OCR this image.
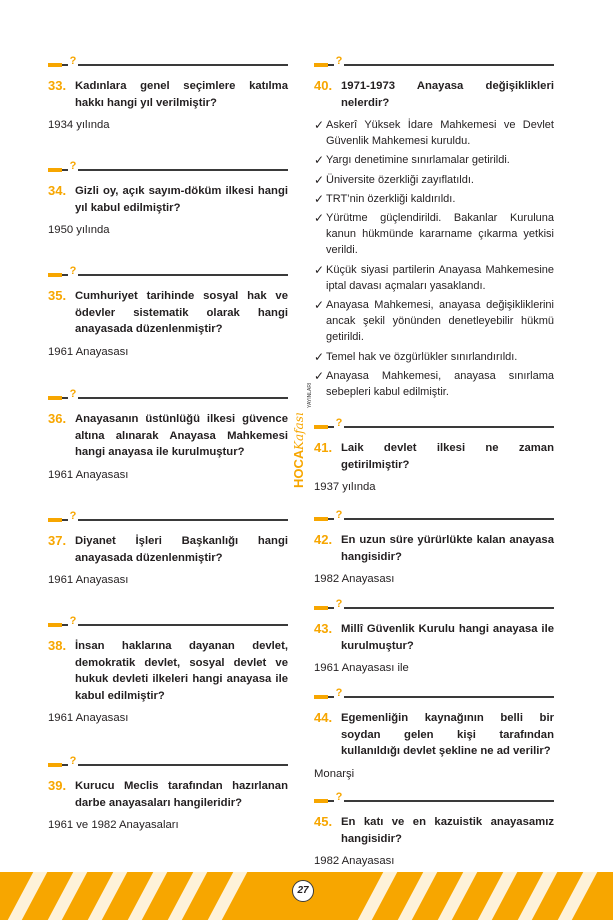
?
33. Kadınlara genel seçimlere katılma hakkı hangi yıl verilmiştir?
1934 yılında
?
34. Gizli oy, açık sayım-döküm ilkesi hangi yıl kabul edilmiştir?
1950 yılında
?
35. Cumhuriyet tarihinde sosyal hak ve ödevler sistematik olarak hangi anayasada düzenlenmiştir?
1961 Anayasası
?
36. Anayasanın üstünlüğü ilkesi güvence altına alınarak Anayasa Mahkemesi hangi anayasa ile kurulmuştur?
1961 Anayasası
?
37. Diyanet İşleri Başkanlığı hangi anayasada düzenlenmiştir?
1961 Anayasası
?
38. İnsan haklarına dayanan devlet, demokratik devlet, sosyal devlet ve hukuk devleti ilkeleri hangi anayasa ile kabul edilmiştir?
1961 Anayasası
?
39. Kurucu Meclis tarafından hazırlanan darbe anayasaları hangileridir?
1961 ve 1982 Anayasaları
HOCA
Kafası
YAYINLARI
?
40. 1971-1973 Anayasa değişiklikleri nelerdir?
✓ Askerî Yüksek İdare Mahkemesi ve Devlet Güvenlik Mahkemesi kuruldu.
✓ Yargı denetimine sınırlamalar getirildi.
✓ Üniversite özerkliği zayıflatıldı.
✓ TRT’nin özerkliği kaldırıldı.
✓ Yürütme güçlendirildi. Bakanlar Kuruluna kanun hükmünde kararname çıkarma yetkisi verildi.
✓ Küçük siyasi partilerin Anayasa Mahkemesine iptal davası açmaları yasaklandı.
✓ Anayasa Mahkemesi, anayasa değişikliklerini ancak şekil yönünden denetleyebilir hükmü getirildi.
✓ Temel hak ve özgürlükler sınırlandırıldı.
✓ Anayasa Mahkemesi, anayasa sınırlama sebepleri kabul edilmiştir.
?
41. Laik devlet ilkesi ne zaman getirilmiştir?
1937 yılında
?
42. En uzun süre yürürlükte kalan anayasa hangisidir?
1982 Anayasası
?
43. Millî Güvenlik Kurulu hangi anayasa ile kurulmuştur?
1961 Anayasası ile
?
44. Egemenliğin kaynağının belli bir soydan gelen kişi tarafından kullanıldığı devlet şekline ne ad verilir?
Monarşi
?
45. En katı ve en kazuistik anayasamız hangisidir?
1982 Anayasası
27
